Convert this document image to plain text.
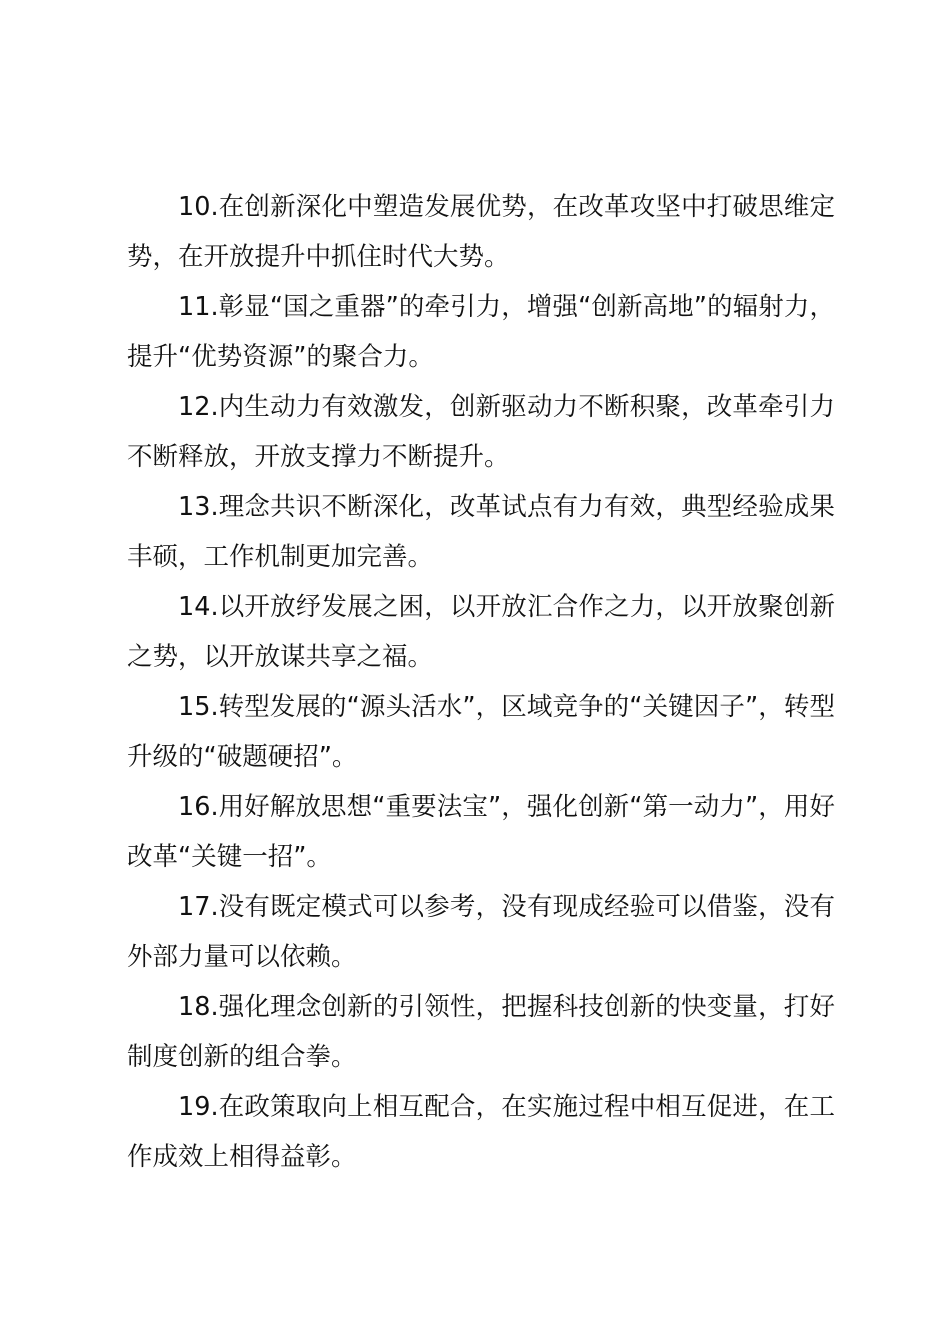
10.在创新深化中塑造发展优势，在改革攻坚中打破思维定势，在开放提升中抓住时代大势。

11.彰显“国之重器”的牵引力，增强“创新高地”的辐射力，提升“优势资源”的聚合力。

12.内生动力有效激发，创新驱动力不断积聚，改革牵引力不断释放，开放支撑力不断提升。

13.理念共识不断深化，改革试点有力有效，典型经验成果丰硕，工作机制更加完善。

14.以开放纾发展之困，以开放汇合作之力，以开放聚创新之势，以开放谋共享之福。

15.转型发展的“源头活水”，区域竞争的“关键因子”，转型升级的“破题硬招”。

16.用好解放思想“重要法宝”，强化创新“第一动力”，用好改革“关键一招”。

17.没有既定模式可以参考，没有现成经验可以借鉴，没有外部力量可以依赖。

18.强化理念创新的引领性，把握科技创新的快变量，打好制度创新的组合拳。

19.在政策取向上相互配合，在实施过程中相互促进，在工作成效上相得益彰。
